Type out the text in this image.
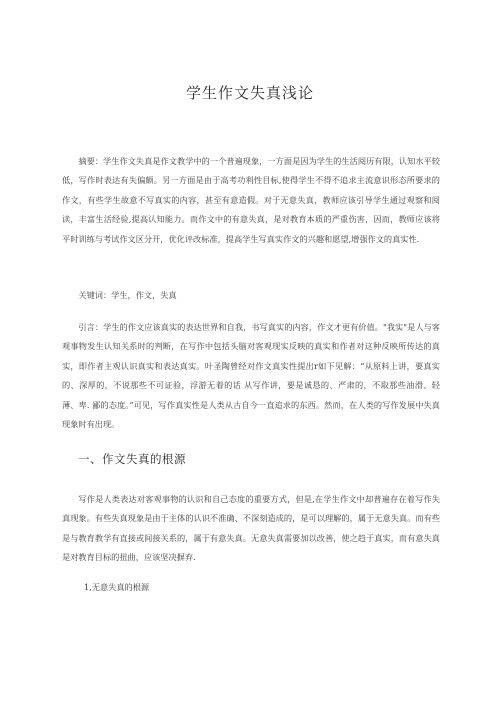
学生作文失真浅论

摘要：学生作文失真是作文教学中的一个普遍现象，一方面是因为学生的生活阅历有限，认知水平较低，写作时表达有失偏颇。另一方面是由于高考功利性目标,使得学生不得不追求主流意识形态所要求的作文，有些学生故意不写真实的内容，甚至有意造假。对于无意失真，教师应该引导学生通过观察和阅读，丰富生活经验,提高认知能力。而作文中的有意失真，是对教育本质的严重伤害，因而，教师应该将平时训练与考试作文区分开，优化评改标准，提高学生写真实作文的兴趣和愿望,增强作文的真实性.

关键词：学生，作文，失真

引言：学生的作文应该真实的表达世界和自我，书写真实的内容，作文才更有价值。"我实"是人与客观事物发生认知关系时的判断，在写作中包括头脑对客观现实反映的真实和作者对这种反映所传达的真实，即作者主观认识真实和表达真实。叶圣陶曾经对作文真实性提出r如下见解：“从原料上讲，要真实的、深厚的，不说那些不可证验，浮游无着的话 从写作讲，要是诚恳的、严肃的，不取那些油滑、轻薄、卑. 鄙的态度。”可见，写作真实性是人类从古自今一直追求的东西。然而，在人类的写作发展中失真现象时有出现。

一、作文失真的根源

写作是人类表达对客观事物的认识和自己态度的重要方式，但是,在学生作文中却普遍存在着写作失真现象。有些失真现象是由于主体的认识不准确、不深刻造成的，是可以理解的，属于无意失真。而有些是与教育教学有直接或间接关系的，属于有意失真。无意失真需要加以改善，使之趋于真实，而有意失真是对教育目标的扭曲，应该坚决摒弃.

1,无意失真的根源
